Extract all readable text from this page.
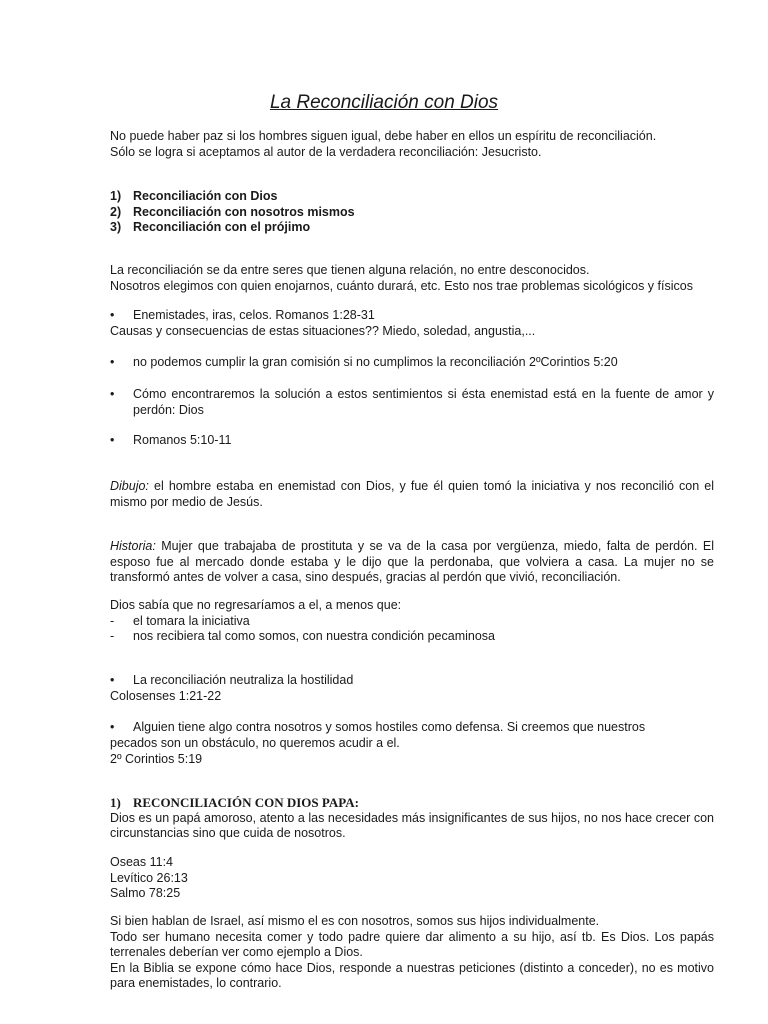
La Reconciliación con Dios
No puede haber paz si los hombres siguen igual, debe haber en ellos un espíritu de reconciliación.
Sólo se logra si aceptamos al autor de la verdadera reconciliación: Jesucristo.
1) Reconciliación con Dios
2) Reconciliación con nosotros mismos
3) Reconciliación con el prójimo
La reconciliación se da entre seres que tienen alguna relación, no entre desconocidos.
Nosotros elegimos con quien enojarnos, cuánto durará, etc. Esto nos trae problemas sicológicos y físicos
•	Enemistades, iras, celos. Romanos 1:28-31
Causas y consecuencias de estas situaciones?? Miedo, soledad, angustia,...
•	no podemos cumplir la gran comisión si no cumplimos la reconciliación 2ºCorintios 5:20
•	Cómo encontraremos la solución a estos sentimientos si ésta enemistad está en la fuente de amor y perdón: Dios
•	Romanos 5:10-11
Dibujo: el hombre estaba en enemistad con Dios, y fue él quien tomó la iniciativa y nos reconcilió con el mismo por medio de Jesús.
Historia: Mujer que trabajaba de prostituta y se va de la casa por vergüenza, miedo, falta de perdón. El esposo fue al mercado donde estaba y le dijo que la perdonaba, que volviera a casa. La mujer no se transformó antes de volver a casa, sino después, gracias al perdón que vivió, reconciliación.
Dios sabía que no regresaríamos a el, a menos que:
- el tomara la iniciativa
- nos recibiera tal como somos, con nuestra condición pecaminosa
•	La reconciliación neutraliza la hostilidad
Colosenses 1:21-22
•	Alguien tiene algo contra nosotros y somos hostiles como defensa. Si creemos que nuestros
pecados son un obstáculo, no queremos acudir a el.
2º Corintios 5:19
1) RECONCILIACIÓN CON DIOS PAPA:
Dios es un papá amoroso, atento a las necesidades más insignificantes de sus hijos, no nos hace crecer con circunstancias sino que cuida de nosotros.
Oseas 11:4
Levítico 26:13
Salmo 78:25
Si bien hablan de Israel, así mismo el es con nosotros, somos sus hijos individualmente.
Todo ser humano necesita comer y todo padre quiere dar alimento a su hijo, así tb. Es Dios. Los papás terrenales deberían ver como ejemplo a Dios.
En la Biblia se expone cómo hace Dios, responde a nuestras peticiones (distinto a conceder), no es motivo para enemistades, lo contrario.
